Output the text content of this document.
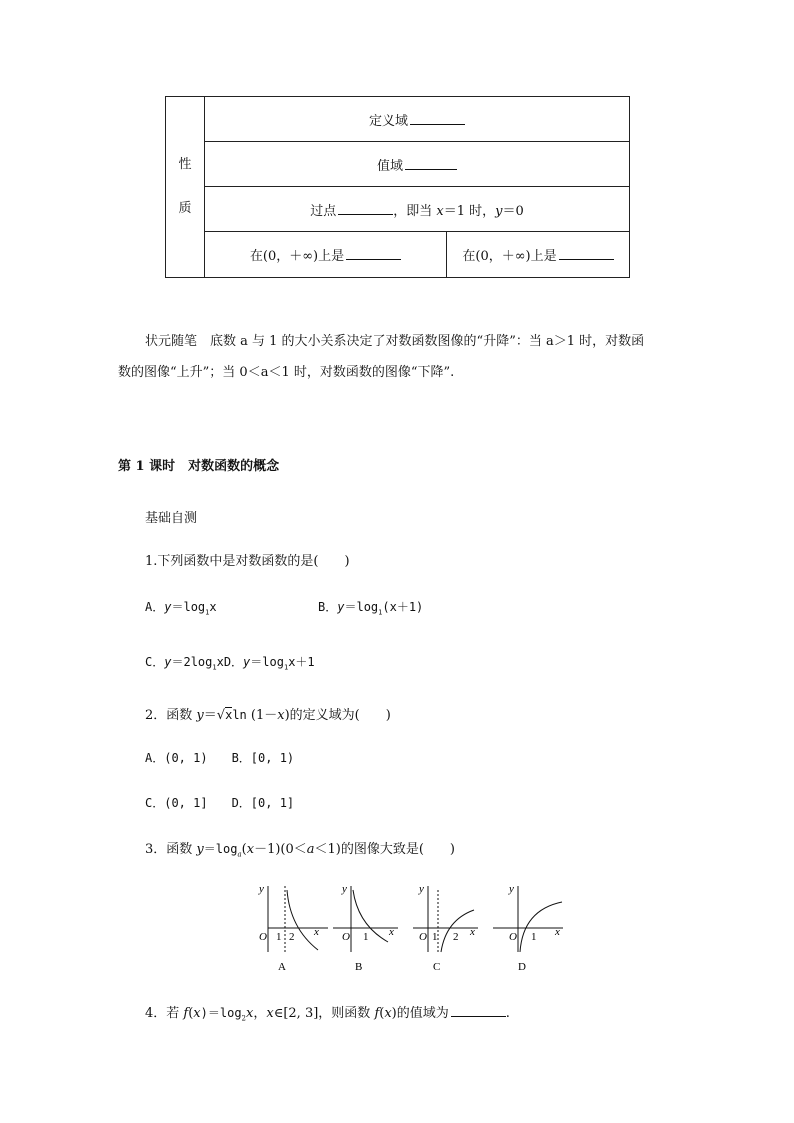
性
质	定义域	
	值域	
	过点 ，即当 x＝1 时，y＝0	
	在(0，＋∞)上是	在(0，＋∞)上是
状元随笔　底数 a 与 1 的大小关系决定了对数函数图像的“升降”：当 a＞1 时，对数函
数的图像“上升”；当 0＜a＜1 时，对数函数的图像“下降”.
第 1 课时　对数函数的概念
基础自测
1.下列函数中是对数函数的是(　　)
A．$y=\log_1x$	B．$y=\log_1(x+1)$
C．$y=2\log_1xD$．$y=\log_1x+1$
2．函数 y＝√xln (1－x)的定义域为(　　)
A．(0, 1)　　B．[0, 1)
C．(0, 1]　　D．[0, 1]
3．函数 $y=\log_a(x-1)(0<a<1)$的图像大致是(　　)
y
O 1 2 x
A
y
O 1 x
B
y
O 1 2 x
C
y
O 1 x
D
4．若 $f(x)=\log_2x$，x∈[2, 3]，则函数 f(x)的值域为	.
